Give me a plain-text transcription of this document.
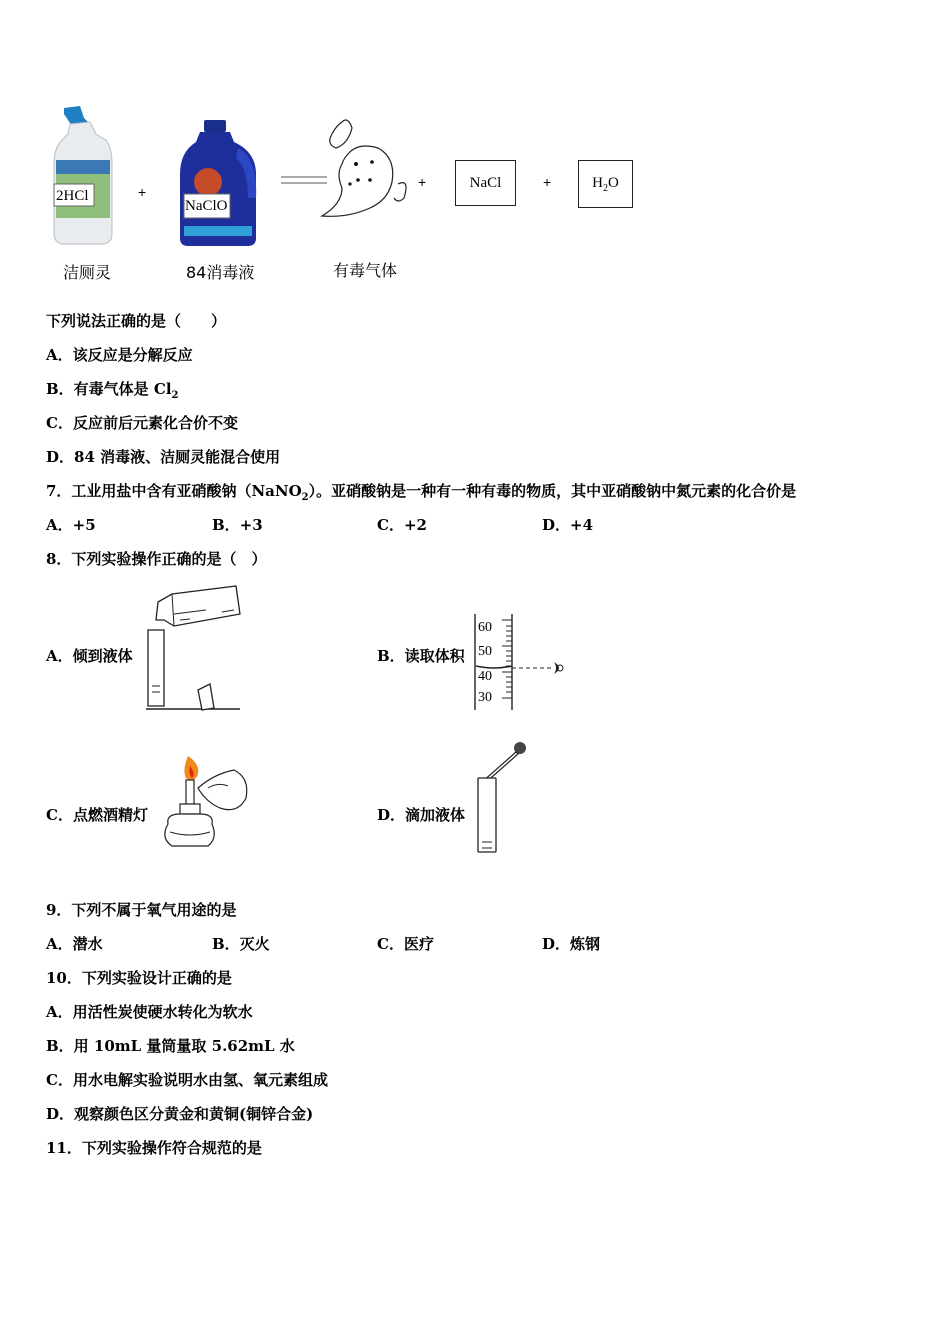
2HCl
洁厕灵
+
NaClO
84消毒液	有毒气体
+	NaCl	+	$H_2O$
下列说法正确的是（　　）
A．该反应是分解反应
B．有毒气体是 $Cl_2$
C．反应前后元素化合价不变
D．84 消毒液、洁厕灵能混合使用
7．工业用盐中含有亚硝酸钠（NaNO$_2$）。亚硝酸钠是一种有一种有毒的物质，其中亚硝酸钠中氮元素的化合价是
A．+5	B．+3	C．+2	D．+4
8．下列实验操作正确的是（　）
A．倾到液体	B．读取体积
60
50
40
30
C．点燃酒精灯	D．滴加液体
9．下列不属于氧气用途的是
A．潜水	B．灭火	C．医疗	D．炼钢
10．下列实验设计正确的是
A．用活性炭使硬水转化为软水
B．用 10mL 量筒量取 5.62mL 水
C．用水电解实验说明水由氢、氧元素组成
D．观察颜色区分黄金和黄铜(铜锌合金)
11．下列实验操作符合规范的是
